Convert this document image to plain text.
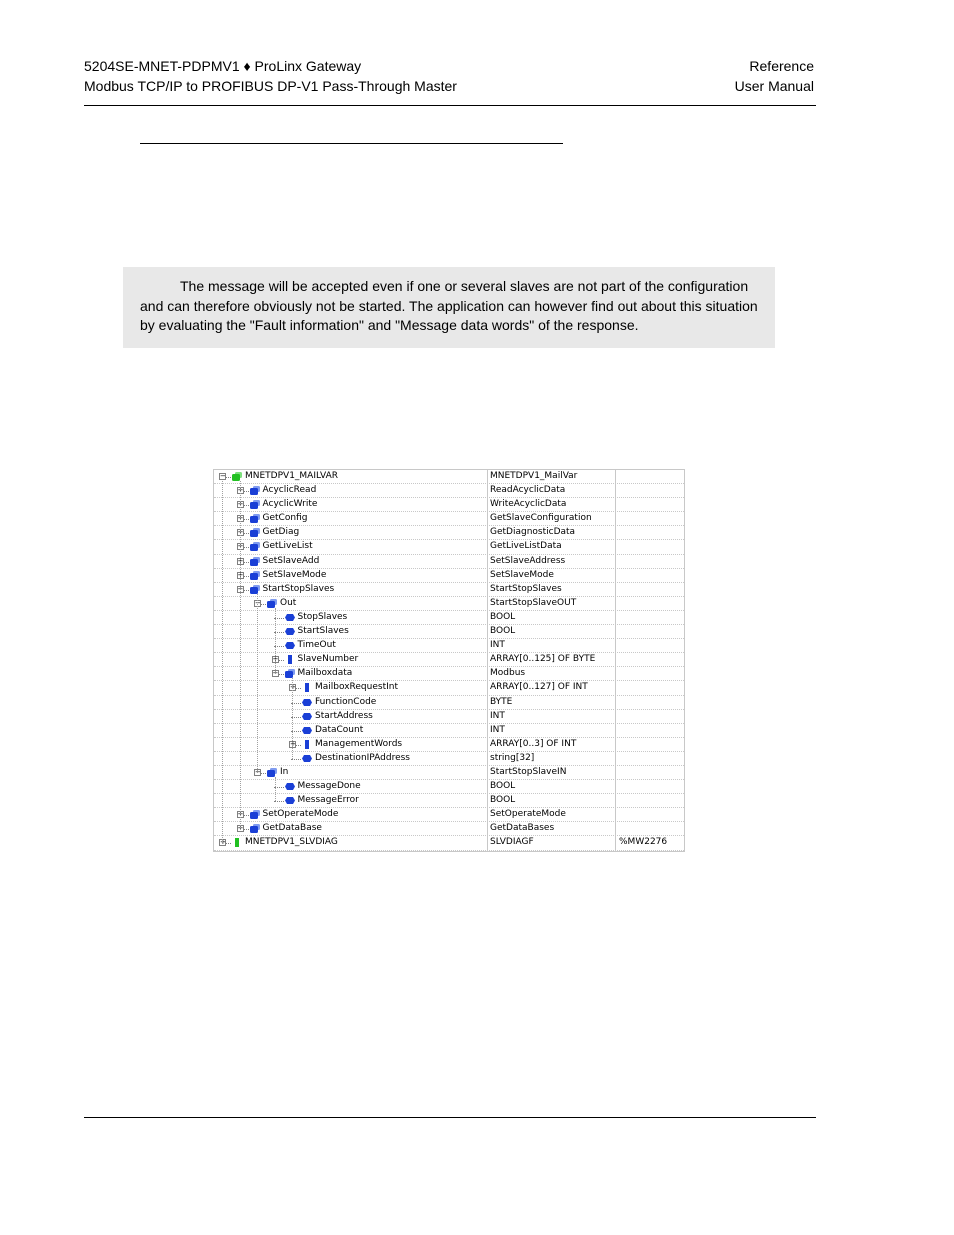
5204SE-MNET-PDPMV1 ♦ ProLinx Gateway
Modbus TCP/IP to PROFIBUS DP-V1 Pass-Through Master
Reference
User Manual
The message will be accepted even if one or several slaves are not part of the configuration and can therefore obviously not be started. The application can however find out about this situation by evaluating the "Fault information" and "Message data words" of the response.
− MNETDPV1_MAILVAR	MNETDPV1_MailVar
+ AcyclicRead	ReadAcyclicData
+ AcyclicWrite	WriteAcyclicData
+ GetConfig	GetSlaveConfiguration
+ GetDiag	GetDiagnosticData
+ GetLiveList	GetLiveListData
+ SetSlaveAdd	SetSlaveAddress
+ SetSlaveMode	SetSlaveMode
− StartStopSlaves	StartStopSlaves
− Out	StartStopSlaveOUT
StopSlaves	BOOL
StartSlaves	BOOL
TimeOut	INT
+ SlaveNumber	ARRAY[0..125] OF BYTE
− Mailboxdata	Modbus
+ MailboxRequestInt	ARRAY[0..127] OF INT
FunctionCode	BYTE
StartAddress	INT
DataCount	INT
+ ManagementWords	ARRAY[0..3] OF INT
DestinationIPAddress	string[32]
− In	StartStopSlaveIN
MessageDone	BOOL
MessageError	BOOL
+ SetOperateMode	SetOperateMode
+ GetDataBase	GetDataBases
+ MNETDPV1_SLVDIAG	SLVDIAGF	%MW2276
